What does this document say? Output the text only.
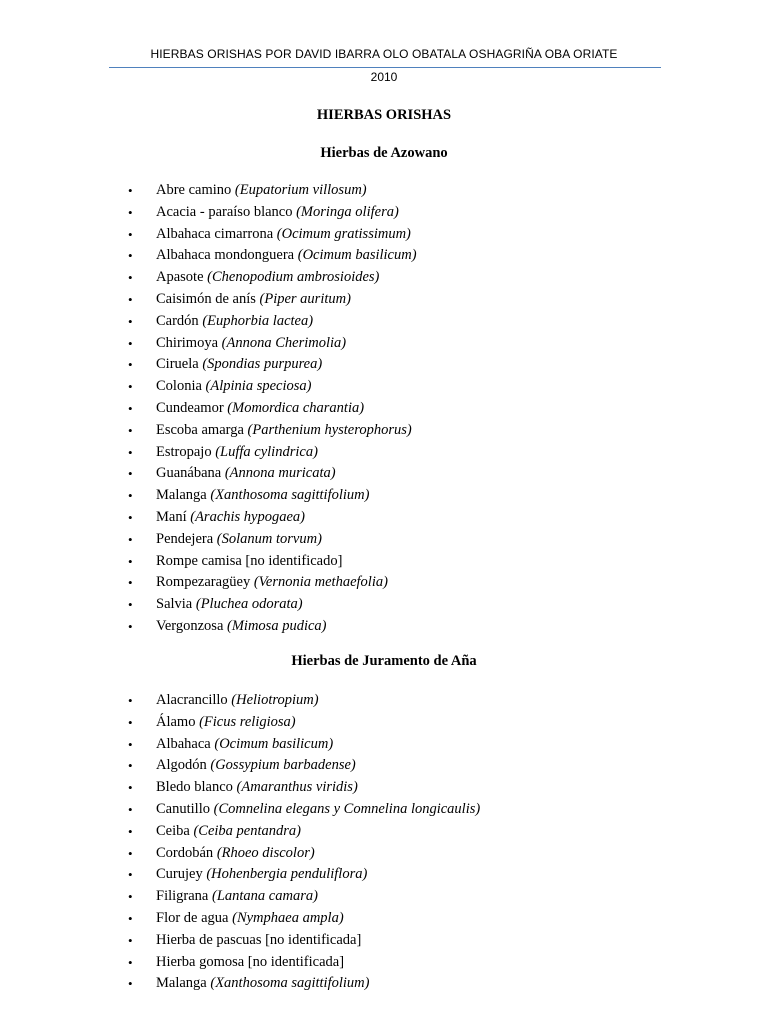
HIERBAS ORISHAS POR DAVID IBARRA OLO OBATALA OSHAGRIÑA OBA ORIATE
2010
HIERBAS ORISHAS
Hierbas de Azowano
• Abre camino (Eupatorium villosum)
• Acacia - paraíso blanco (Moringa olifera)
• Albahaca cimarrona (Ocimum gratissimum)
• Albahaca mondonguera (Ocimum basilicum)
• Apasote (Chenopodium ambrosioides)
• Caisimón de anís (Piper auritum)
• Cardón (Euphorbia lactea)
• Chirimoya (Annona Cherimolia)
• Ciruela (Spondias purpurea)
• Colonia (Alpinia speciosa)
• Cundeamor (Momordica charantia)
• Escoba amarga (Parthenium hysterophorus)
• Estropajo (Luffa cylindrica)
• Guanábana (Annona muricata)
• Malanga (Xanthosoma sagittifolium)
• Maní (Arachis hypogaea)
• Pendejera (Solanum torvum)
• Rompe camisa [no identificado]
• Rompezaragüey (Vernonia methaefolia)
• Salvia (Pluchea odorata)
• Vergonzosa (Mimosa pudica)
Hierbas de Juramento de Aña
• Alacrancillo (Heliotropium)
• Álamo (Ficus religiosa)
• Albahaca (Ocimum basilicum)
• Algodón (Gossypium barbadense)
• Bledo blanco (Amaranthus viridis)
• Canutillo (Comnelina elegans y Comnelina longicaulis)
• Ceiba (Ceiba pentandra)
• Cordobán (Rhoeo discolor)
• Curujey (Hohenbergia penduliflora)
• Filigrana (Lantana camara)
• Flor de agua (Nymphaea ampla)
• Hierba de pascuas [no identificada]
• Hierba gomosa [no identificada]
• Malanga (Xanthosoma sagittifolium)
